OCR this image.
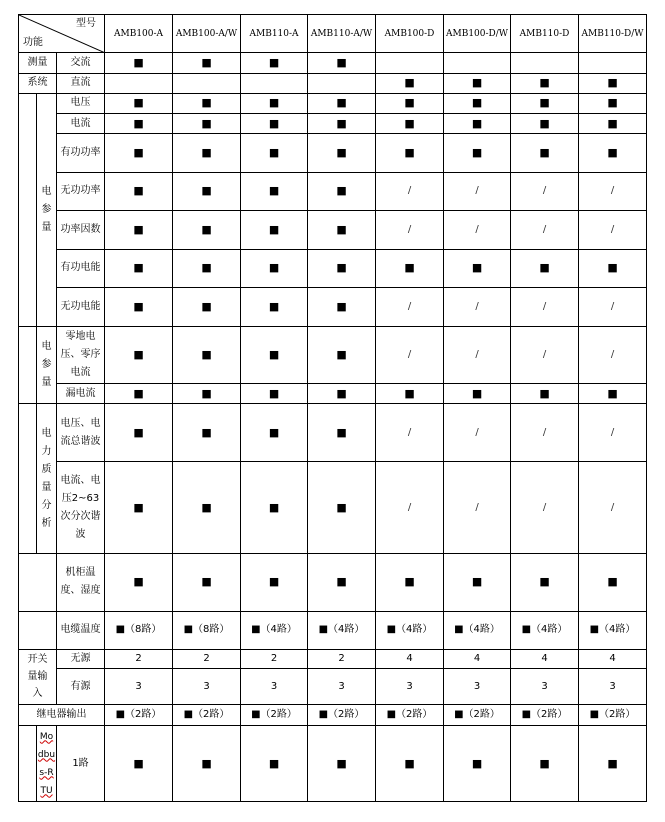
型号
功能			AMB100-A	AMB100-A/W	AMB110-A	AMB110-A/W	AMB100-D	AMB100-D/W	AMB110-D	AMB110-D/W
测量		交流	■	■	■	■				
系统		直流					■	■	■	■

	电参量	电压	■	■	■	■	■	■	■	■
		电流	■	■	■	■	■	■	■	■
		有功功率	■	■	■	■	■	■	■	■
		无功功率	■	■	■	■	/	/	/	/
		功率因数	■	■	■	■	/	/	/	/
		有功电能	■	■	■	■	■	■	■	■
		无功电能	■	■	■	■	/	/	/	/

	电参量	零地电压、零序电流	■	■	■	■	/	/	/	/
		漏电流	■	■	■	■	■	■	■	■

	电力质量分析	电压、电流总谐波	■	■	■	■	/	/	/	/
		电流、电压2~63次分次谐波	■	■	■	■	/	/	/	/
		机柜温度、湿度	■	■	■	■	■	■	■	■
		电缆温度	■（8路）	■（8路）	■（4路）	■（4路）	■（4路）	■（4路）	■（4路）	■（4路）

开关量输入		无源	2	2	2	2	4	4	4	4
		有源	3	3	3	3	3	3	3	3
继电器输出			■（2路）	■（2路）	■（2路）	■（2路）	■（2路）	■（2路）	■（2路）	■（2路）

	Modbus-RTU	1路	■	■	■	■	■	■	■	■
